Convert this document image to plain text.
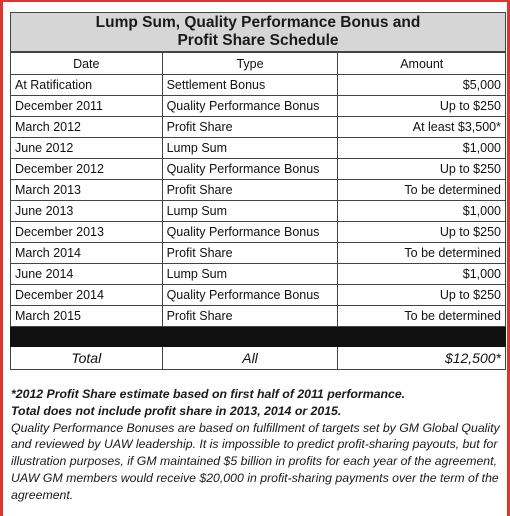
Lump Sum, Quality Performance Bonus and
Profit Share Schedule
Date	Type	Amount
At Ratification	Settlement Bonus	$5,000
December 2011	Quality Performance Bonus	Up to $250
March 2012	Profit Share	At least $3,500*
June 2012	Lump Sum	$1,000
December 2012	Quality Performance Bonus	Up to $250
March 2013	Profit Share	To be determined
June 2013	Lump Sum	$1,000
December 2013	Quality Performance Bonus	Up to $250
March 2014	Profit Share	To be determined
June 2014	Lump Sum	$1,000
December 2014	Quality Performance Bonus	Up to $250
March 2015	Profit Share	To be determined

Total	All	$12,500*

*2012 Profit Share estimate based on first half of 2011 performance.

Total does not include profit share in 2013, 2014 or 2015.

Quality Performance Bonuses are based on fulfillment of targets set by GM Global Quality and reviewed by UAW leadership. It is impossible to predict profit-sharing payouts, but for illustration purposes, if GM maintained $5 billion in profits for each year of the agreement, UAW GM members would receive $20,000 in profit-sharing payments over the term of the agreement.
